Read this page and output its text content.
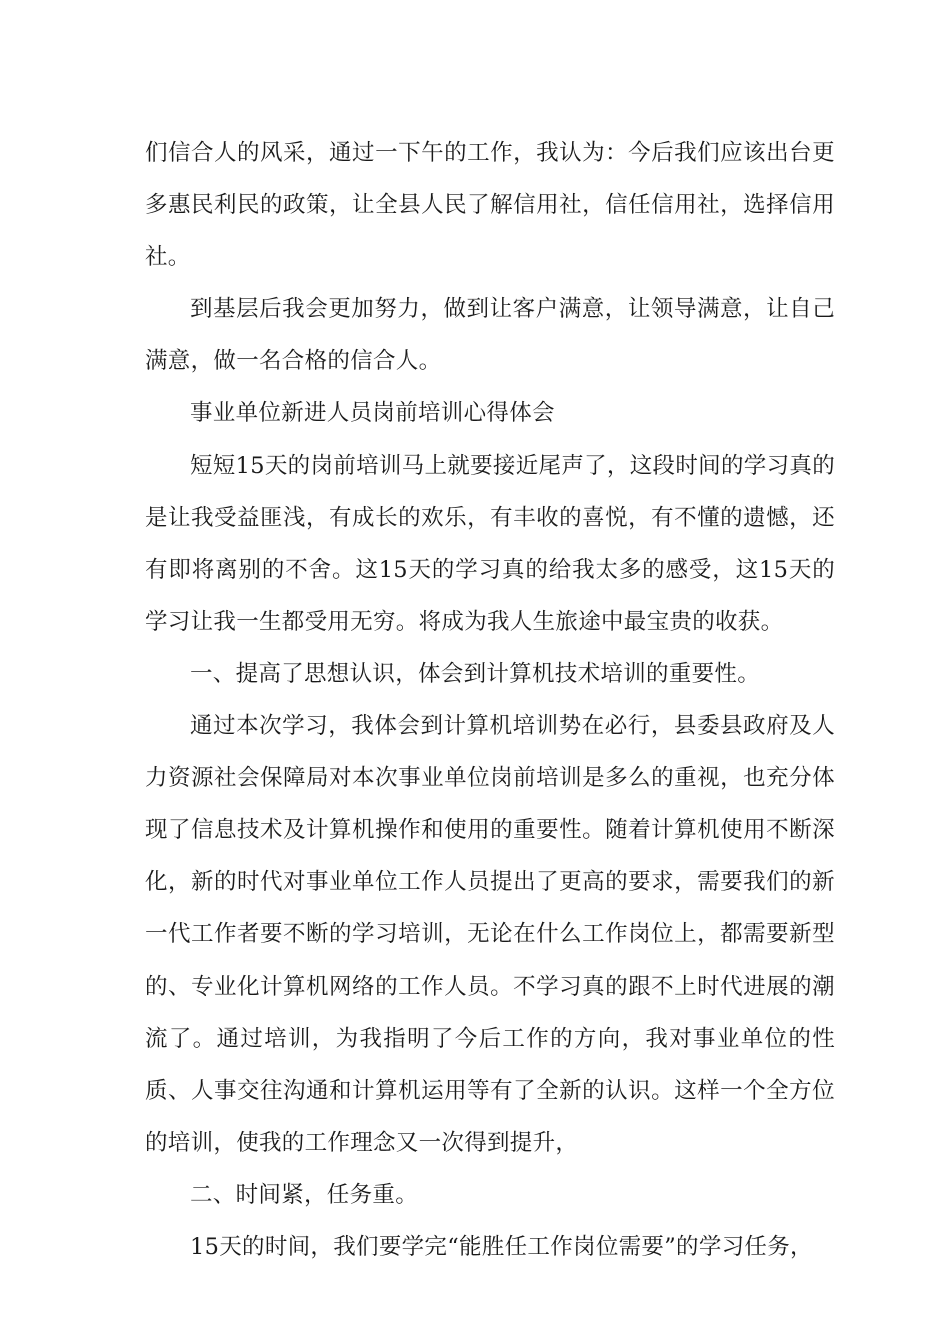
们信合人的风采，通过一下午的工作，我认为：今后我们应该出台更多惠民利民的政策，让全县人民了解信用社，信任信用社，选择信用社。

到基层后我会更加努力，做到让客户满意，让领导满意，让自己满意，做一名合格的信合人。

事业单位新进人员岗前培训心得体会

短短15天的岗前培训马上就要接近尾声了，这段时间的学习真的是让我受益匪浅，有成长的欢乐，有丰收的喜悦，有不懂的遗憾，还有即将离别的不舍。这15天的学习真的给我太多的感受，这15天的学习让我一生都受用无穷。将成为我人生旅途中最宝贵的收获。

一、提高了思想认识，体会到计算机技术培训的重要性。

通过本次学习，我体会到计算机培训势在必行，县委县政府及人力资源社会保障局对本次事业单位岗前培训是多么的重视，也充分体现了信息技术及计算机操作和使用的重要性。随着计算机使用不断深化，新的时代对事业单位工作人员提出了更高的要求，需要我们的新一代工作者要不断的学习培训，无论在什么工作岗位上，都需要新型的、专业化计算机网络的工作人员。不学习真的跟不上时代进展的潮流了。通过培训，为我指明了今后工作的方向，我对事业单位的性质、人事交往沟通和计算机运用等有了全新的认识。这样一个全方位的培训，使我的工作理念又一次得到提升，

二、时间紧，任务重。

15天的时间，我们要学完“能胜任工作岗位需要”的学习任务，
